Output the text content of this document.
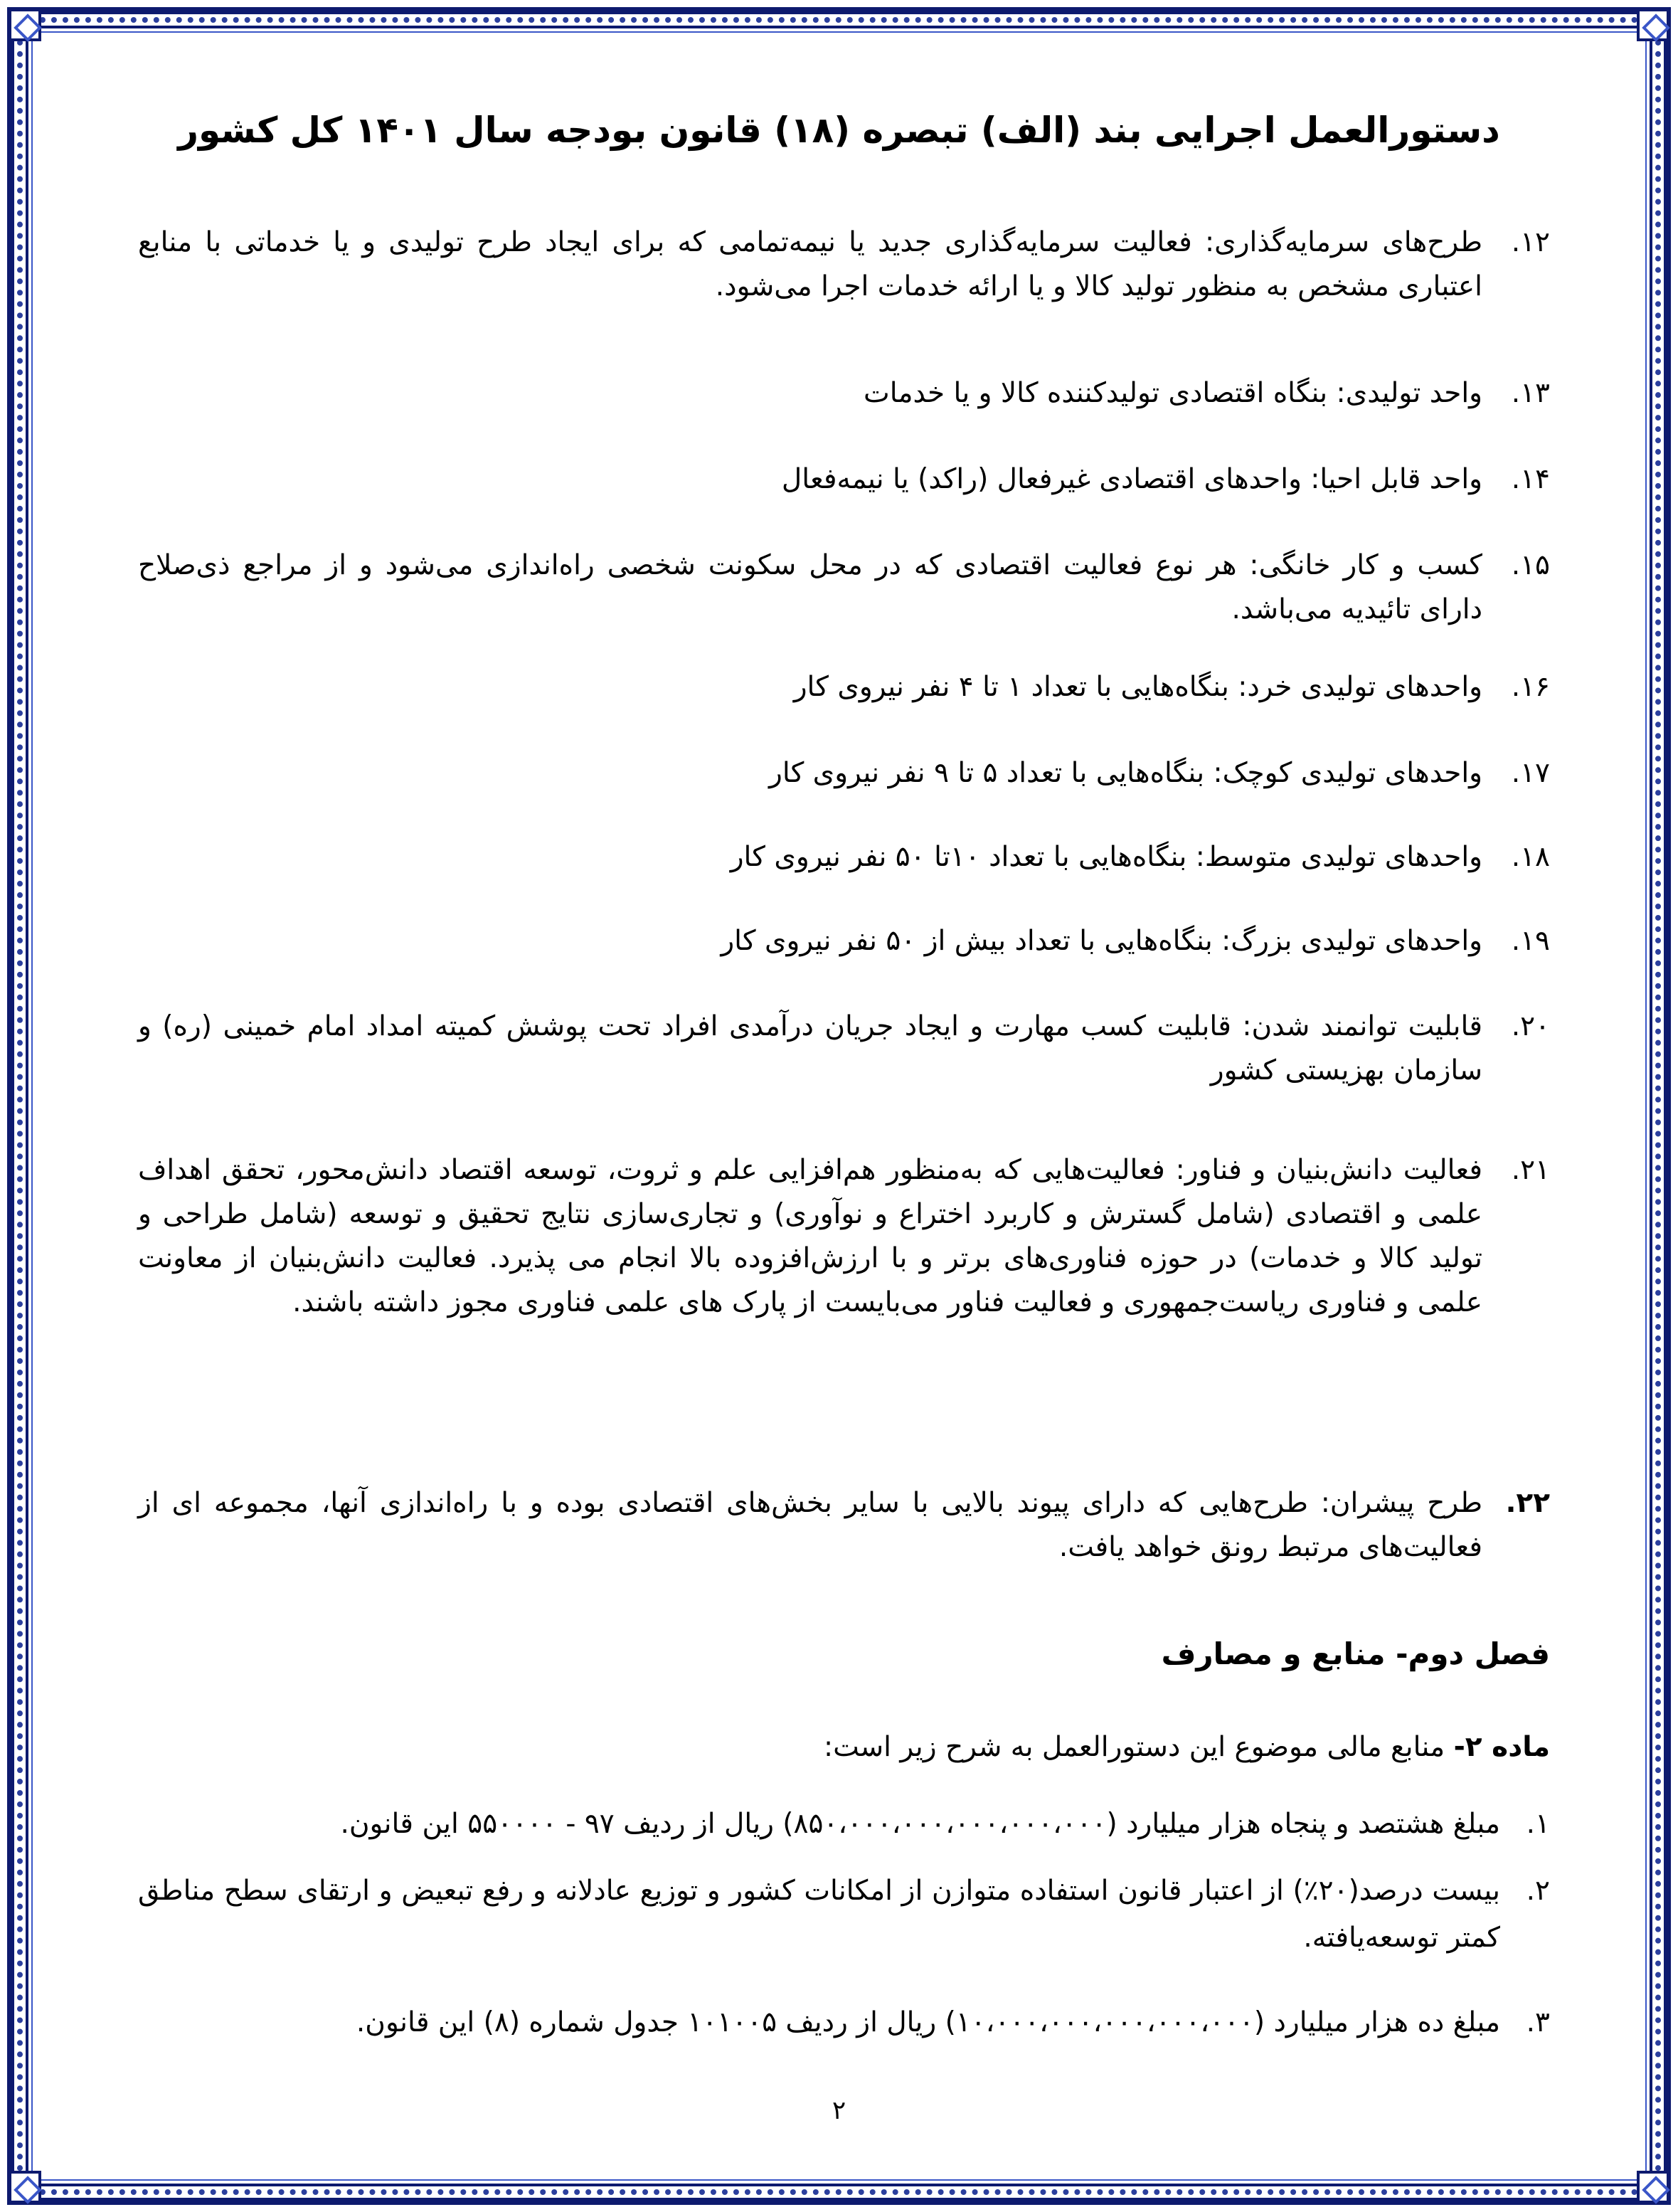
دستورالعمل اجرایی بند (الف) تبصره (۱۸) قانون بودجه سال ۱۴۰۱ کل کشور
۱۲.
طرح‌های سرمایه‌گذاری: فعالیت سرمایه‌گذاری جدید یا نیمه‌تمامی که برای ایجاد طرح تولیدی و یا خدماتی با منابع اعتباری مشخص به منظور تولید کالا و یا ارائه خدمات اجرا می‌شود.
۱۳.
واحد تولیدی: بنگاه اقتصادی تولیدکننده کالا و یا خدمات
۱۴.
واحد قابل احیا: واحدهای اقتصادی غیرفعال (راکد) یا نیمه‌فعال
۱۵.
کسب و کار خانگی: هر نوع فعالیت اقتصادی که در محل سکونت شخصی راه‌اندازی می‌شود و از مراجع ذی‌صلاح دارای تائیدیه می‌باشد.
۱۶.
واحدهای تولیدی خرد: بنگاه‌هایی با تعداد ۱ تا ۴ نفر نیروی کار
۱۷.
واحدهای تولیدی کوچک: بنگاه‌هایی با تعداد ۵ تا ۹ نفر نیروی کار
۱۸.
واحدهای تولیدی متوسط: بنگاه‌هایی با تعداد ۱۰تا ۵۰ نفر نیروی کار
۱۹.
واحدهای تولیدی بزرگ: بنگاه‌هایی با تعداد بیش از ۵۰ نفر نیروی کار
۲۰.
قابلیت توانمند شدن: قابلیت کسب مهارت و ایجاد جریان درآمدی افراد تحت پوشش کمیته امداد امام خمینی (ره) و سازمان بهزیستی کشور
۲۱.
فعالیت دانش‌بنیان و فناور: فعالیت‌هایی که به‌منظور هم‌افزایی علم و ثروت، توسعه اقتصاد دانش‌محور، تحقق اهداف علمی و اقتصادی (شامل گسترش و کاربرد اختراع و نوآوری) و تجاری‌سازی نتایج تحقیق و توسعه (شامل طراحی و تولید کالا و خدمات) در حوزه فناوری‌های برتر و با ارزش‌افزوده بالا انجام می پذیرد. فعالیت دانش‌بنیان از معاونت علمی و فناوری ریاست‌جمهوری و فعالیت فناور می‌بایست از پارک های علمی فناوری مجوز داشته باشند.
۲۲.
طرح پیشران: طرح‌هایی که دارای پیوند بالایی با سایر بخش‌های اقتصادی بوده و با راه‌اندازی آنها، مجموعه ای از فعالیت‌های مرتبط رونق خواهد یافت.
فصل دوم- منابع و مصارف
ماده ۲- منابع مالی موضوع این دستورالعمل به شرح زیر است:
۱.
مبلغ هشتصد و پنجاه هزار میلیارد (۸۵۰،۰۰۰،۰۰۰،۰۰۰،۰۰۰،۰۰۰) ریال از ردیف ۹۷ - ۵۵۰۰۰۰ این قانون.
۲.
بیست درصد(۲۰٪) از اعتبار قانون استفاده متوازن از امکانات کشور و توزیع عادلانه و رفع تبعیض و ارتقای سطح مناطق کمتر توسعه‌یافته.
۳.
مبلغ ده هزار میلیارد (۱۰،۰۰۰،۰۰۰،۰۰۰،۰۰۰،۰۰۰) ریال از ردیف ۱۰۱۰۰۵ جدول شماره (۸) این قانون.
۲
